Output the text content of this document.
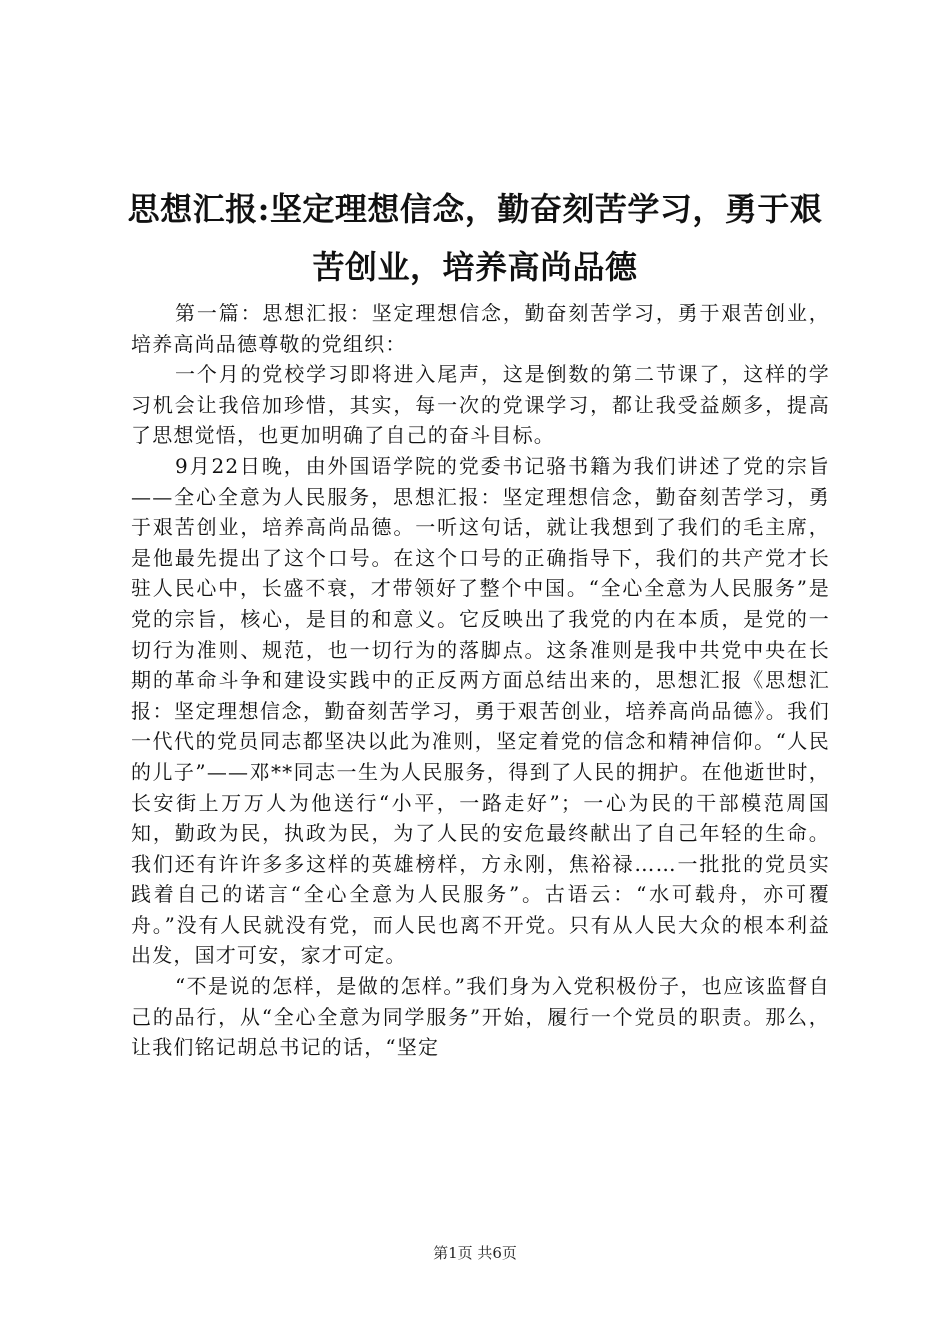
思想汇报:坚定理想信念，勤奋刻苦学习，勇于艰苦创业，培养高尚品德

第一篇：思想汇报：坚定理想信念，勤奋刻苦学习，勇于艰苦创业，培养高尚品德尊敬的党组织：

一个月的党校学习即将进入尾声，这是倒数的第二节课了，这样的学习机会让我倍加珍惜，其实，每一次的党课学习，都让我受益颇多，提高了思想觉悟，也更加明确了自己的奋斗目标。

9月22日晚，由外国语学院的党委书记骆书籍为我们讲述了党的宗旨——全心全意为人民服务，思想汇报：坚定理想信念，勤奋刻苦学习，勇于艰苦创业，培养高尚品德。一听这句话，就让我想到了我们的毛主席，是他最先提出了这个口号。在这个口号的正确指导下，我们的共产党才长驻人民心中，长盛不衰，才带领好了整个中国。“全心全意为人民服务”是党的宗旨，核心，是目的和意义。它反映出了我党的内在本质，是党的一切行为准则、规范，也一切行为的落脚点。这条准则是我中共党中央在长期的革命斗争和建设实践中的正反两方面总结出来的，思想汇报《思想汇报：坚定理想信念，勤奋刻苦学习，勇于艰苦创业，培养高尚品德》。我们一代代的党员同志都坚决以此为准则，坚定着党的信念和精神信仰。“人民的儿子”——邓**同志一生为人民服务，得到了人民的拥护。在他逝世时，长安街上万万人为他送行“小平，一路走好”；一心为民的干部模范周国知，勤政为民，执政为民，为了人民的安危最终献出了自己年轻的生命。我们还有许许多多这样的英雄榜样，方永刚，焦裕禄……一批批的党员实践着自己的诺言“全心全意为人民服务”。古语云：“水可载舟，亦可覆舟。”没有人民就没有党，而人民也离不开党。只有从人民大众的根本利益出发，国才可安，家才可定。

“不是说的怎样，是做的怎样。”我们身为入党积极份子，也应该监督自己的品行，从“全心全意为同学服务”开始，履行一个党员的职责。那么，让我们铭记胡总书记的话，“坚定

第1页 共6页
